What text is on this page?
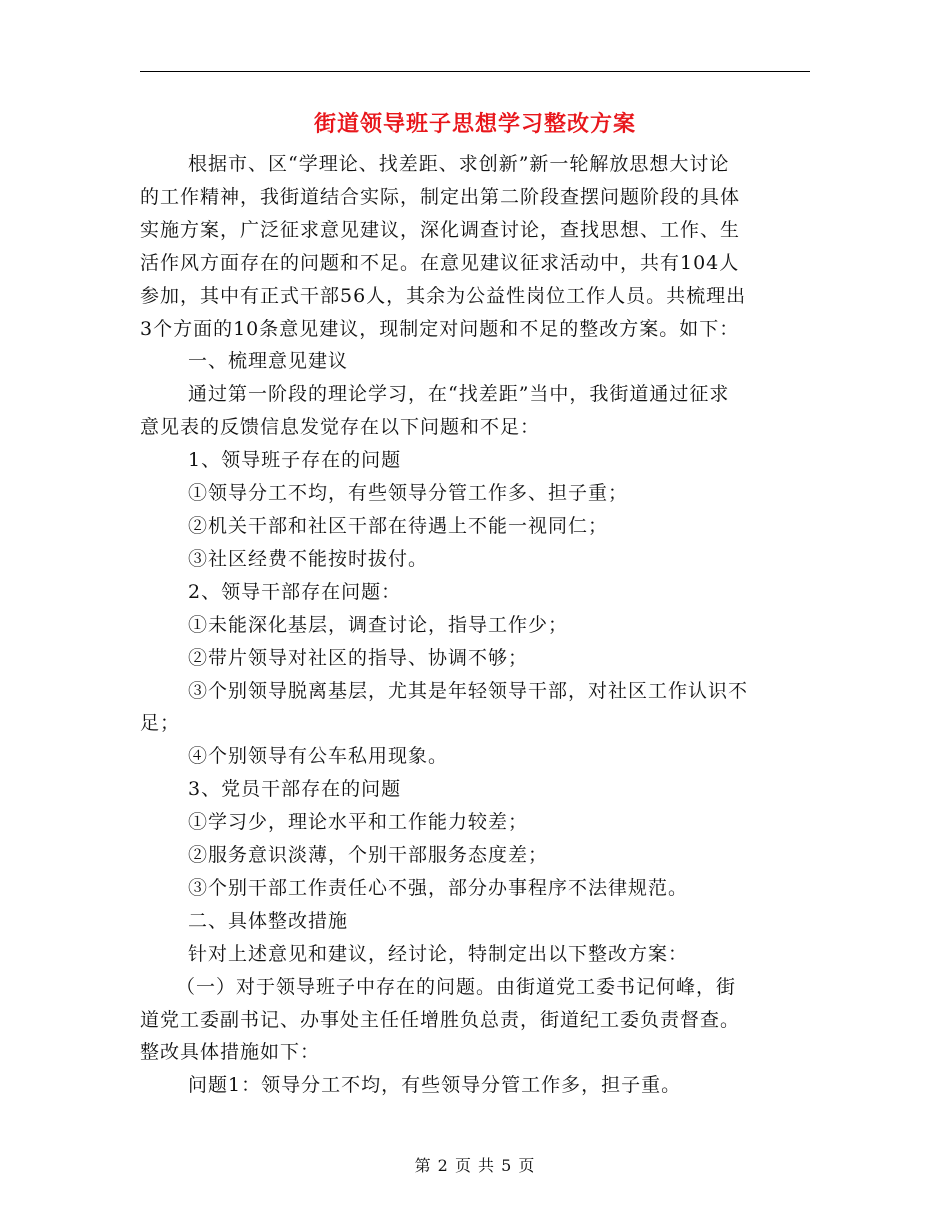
街道领导班子思想学习整改方案
根据市、区“学理论、找差距、求创新”新一轮解放思想大讨论
的工作精神，我街道结合实际，制定出第二阶段查摆问题阶段的具体
实施方案，广泛征求意见建议，深化调查讨论，查找思想、工作、生
活作风方面存在的问题和不足。在意见建议征求活动中，共有104人
参加，其中有正式干部56人，其余为公益性岗位工作人员。共梳理出
3个方面的10条意见建议，现制定对问题和不足的整改方案。如下：
一、梳理意见建议
通过第一阶段的理论学习，在“找差距”当中，我街道通过征求
意见表的反馈信息发觉存在以下问题和不足：
1、领导班子存在的问题
①领导分工不均，有些领导分管工作多、担子重；
②机关干部和社区干部在待遇上不能一视同仁；
③社区经费不能按时拔付。
2、领导干部存在问题：
①未能深化基层，调查讨论，指导工作少；
②带片领导对社区的指导、协调不够；
③个别领导脱离基层，尤其是年轻领导干部，对社区工作认识不
足；
④个别领导有公车私用现象。
3、党员干部存在的问题
①学习少，理论水平和工作能力较差；
②服务意识淡薄，个别干部服务态度差；
③个别干部工作责任心不强，部分办事程序不法律规范。
二、具体整改措施
针对上述意见和建议，经讨论，特制定出以下整改方案：
（一）对于领导班子中存在的问题。由街道党工委书记何峰，街
道党工委副书记、办事处主任任增胜负总责，街道纪工委负责督查。
整改具体措施如下：
问题1：领导分工不均，有些领导分管工作多，担子重。
第 2 页 共 5 页
